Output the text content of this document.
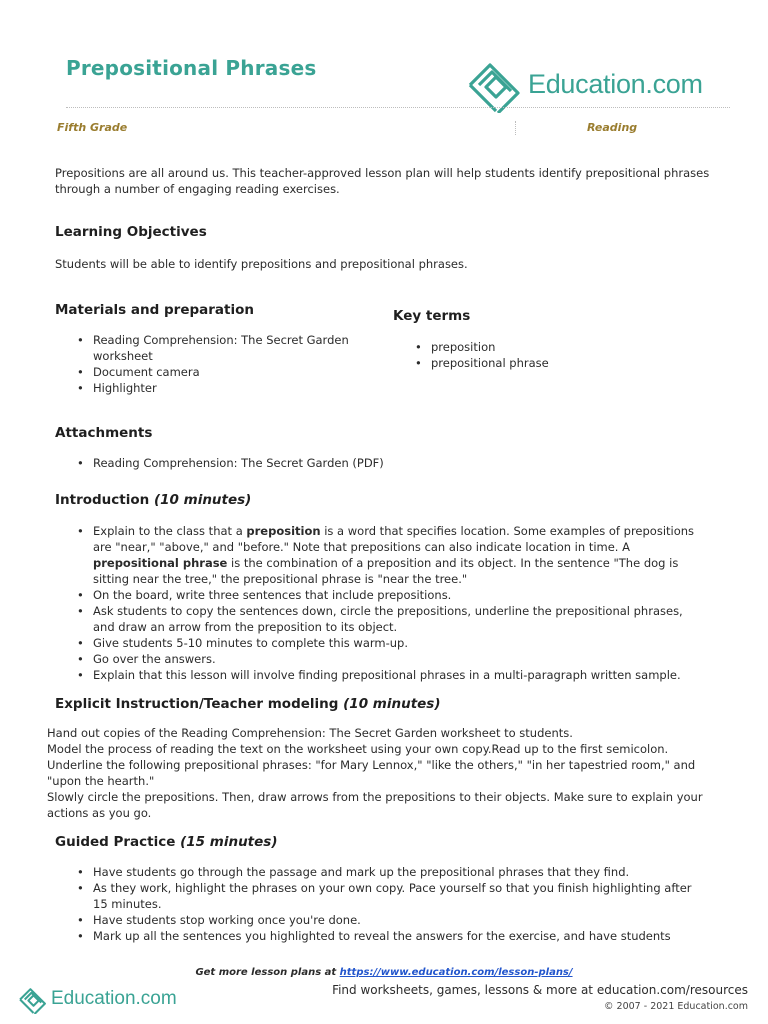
Prepositional Phrases
Education.com
Fifth Grade	Reading
Prepositions are all around us. This teacher-approved lesson plan will help students identify prepositional phrases through a number of engaging reading exercises.
Learning Objectives
Students will be able to identify prepositions and prepositional phrases.
Materials and preparation
• Reading Comprehension: The Secret Garden worksheet
• Document camera
• Highlighter
Key terms
• preposition
• prepositional phrase
Attachments
• Reading Comprehension: The Secret Garden (PDF)
Introduction (10 minutes)
• Explain to the class that a preposition is a word that specifies location. Some examples of prepositions are "near," "above," and "before." Note that prepositions can also indicate location in time. A prepositional phrase is the combination of a preposition and its object. In the sentence "The dog is sitting near the tree," the prepositional phrase is "near the tree."
• On the board, write three sentences that include prepositions.
• Ask students to copy the sentences down, circle the prepositions, underline the prepositional phrases, and draw an arrow from the preposition to its object.
• Give students 5-10 minutes to complete this warm-up.
• Go over the answers.
• Explain that this lesson will involve finding prepositional phrases in a multi-paragraph written sample.
Explicit Instruction/Teacher modeling (10 minutes)
Hand out copies of the Reading Comprehension: The Secret Garden worksheet to students.
Model the process of reading the text on the worksheet using your own copy.Read up to the first semicolon.
Underline the following prepositional phrases: "for Mary Lennox," "like the others," "in her tapestried room," and "upon the hearth."
Slowly circle the prepositions. Then, draw arrows from the prepositions to their objects. Make sure to explain your actions as you go.
Guided Practice (15 minutes)
• Have students go through the passage and mark up the prepositional phrases that they find.
• As they work, highlight the phrases on your own copy. Pace yourself so that you finish highlighting after 15 minutes.
• Have students stop working once you're done.
• Mark up all the sentences you highlighted to reveal the answers for the exercise, and have students
Get more lesson plans at https://www.education.com/lesson-plans/
Education.com	Find worksheets, games, lessons & more at education.com/resources
© 2007 - 2021 Education.com
